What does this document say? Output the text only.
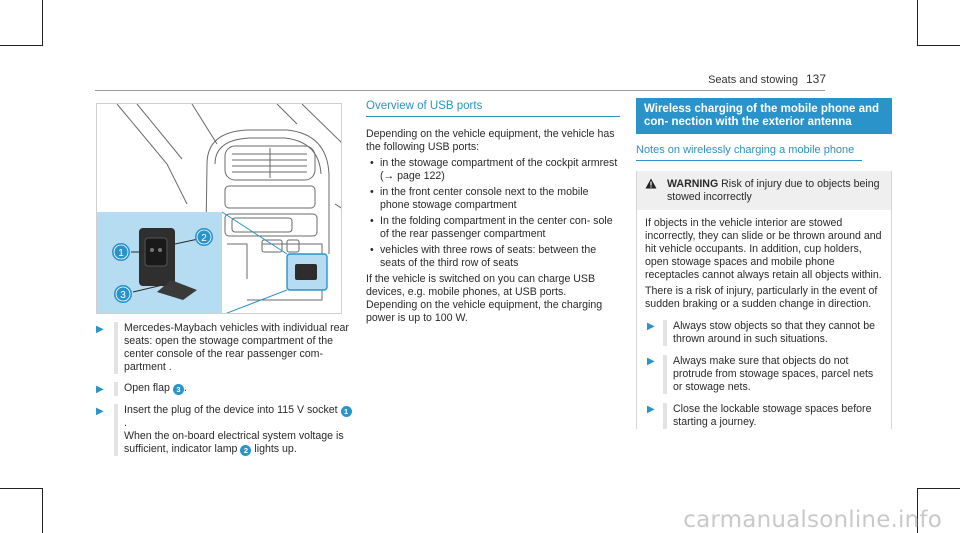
Seats and stowing 137
1
2
3
▶	Mercedes‑Maybach vehicles with individual rear seats: open the stowage compartment of the center console of the rear passenger com‑ partment .

▶	Open flap 3 .

▶	Insert the plug of the device into 115 V socket 1.

When the on‑board electrical system voltage is sufficient, indicator lamp 2 lights up.

Overview of USB ports

Depending on the vehicle equipment, the vehicle has the following USB ports:

• in the stowage compartment of the cockpit armrest (→ page 122)
• in the front center console next to the mobile phone stowage compartment
• In the folding compartment in the center con‑ sole of the rear passenger compartment
• vehicles with three rows of seats: between the seats of the third row of seats

If the vehicle is switched on you can charge USB devices, e.g. mobile phones, at USB ports. Depending on the vehicle equipment, the charging power is up to 100 W.

Wireless charging of the mobile phone and con‑ nection with the exterior antenna
Notes on wirelessly charging a mobile phone
WARNING Risk of injury due to objects being stowed incorrectly

If objects in the vehicle interior are stowed incorrectly, they can slide or be thrown around and hit vehicle occupants. In addition, cup holders, open stowage spaces and mobile phone receptacles cannot always retain all objects within.

There is a risk of injury, particularly in the event of sudden braking or a sudden change in direction.

▶	Always stow objects so that they cannot be thrown around in such situations.
▶	Always make sure that objects do not protrude from stowage spaces, parcel nets or stowage nets.
▶	Close the lockable stowage spaces before starting a journey.
carmanualsonline.info
